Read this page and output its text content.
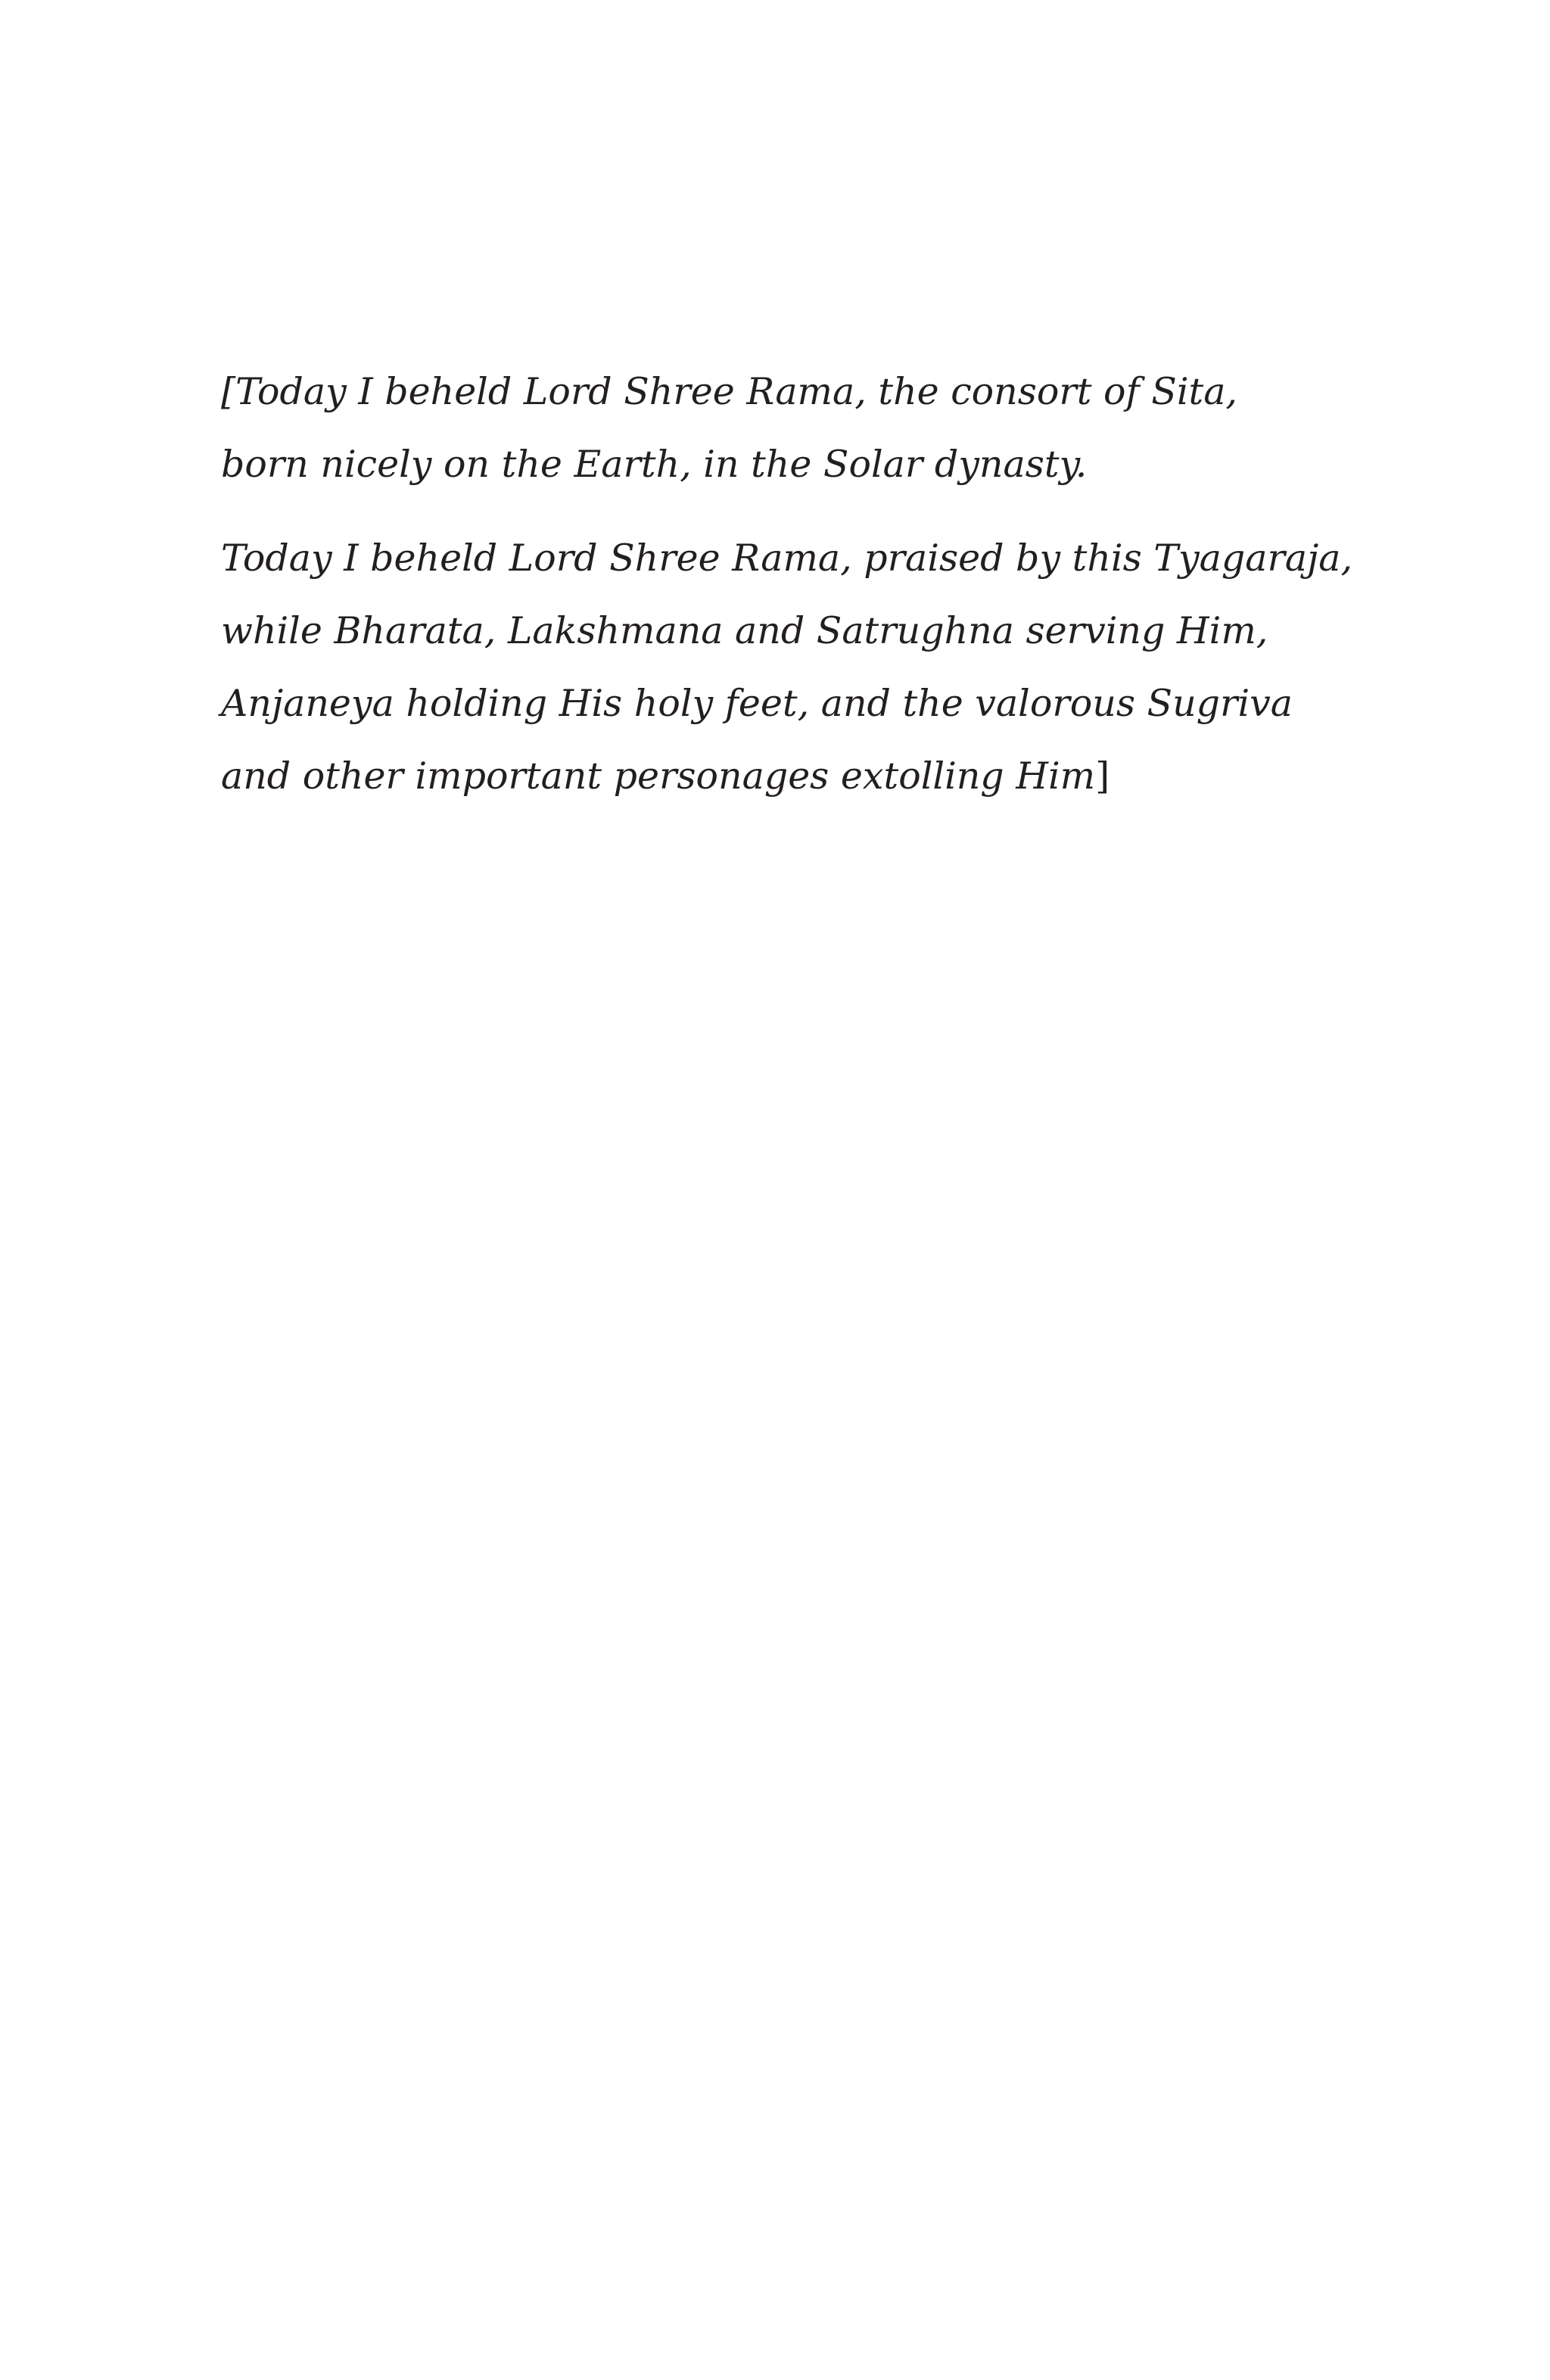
[Today I beheld Lord Shree Rama, the consort of Sita,
born nicely on the Earth, in the Solar dynasty.

Today I beheld Lord Shree Rama, praised by this Tyagaraja,
while Bharata, Lakshmana and Satrughna serving Him,
Anjaneya holding His holy feet, and the valorous Sugriva
and other important personages extolling Him]
